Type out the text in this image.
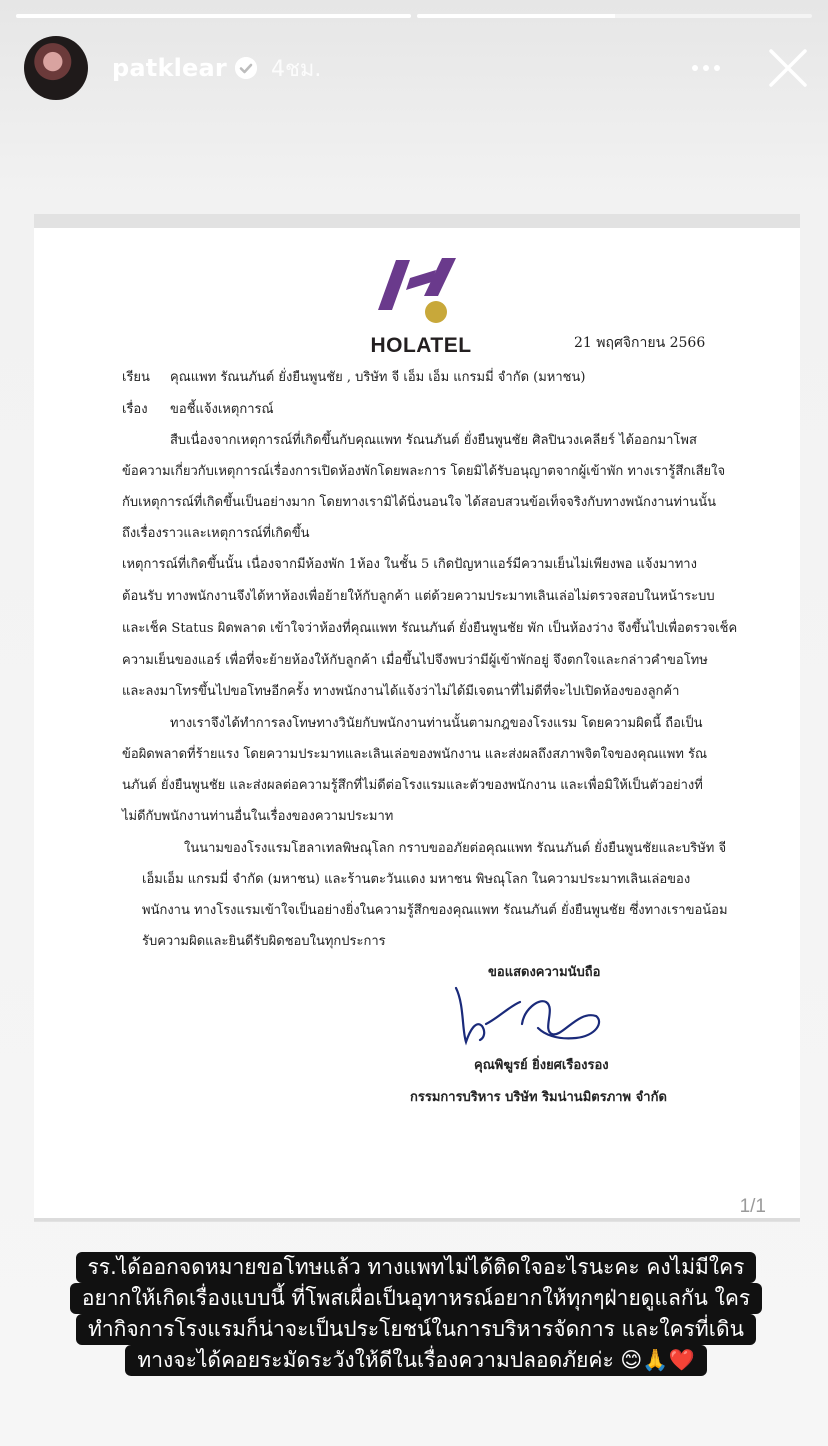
patklear 4ชม.
HOLATEL	21 พฤศจิกายน 2566
เรียน คุณแพท รัณนภันต์ ยั่งยืนพูนชัย , บริษัท จี เอ็ม เอ็ม แกรมมี่ จำกัด (มหาชน)
เรื่อง ขอชี้แจ้งเหตุการณ์
สืบเนื่องจากเหตุการณ์ที่เกิดขึ้นกับคุณแพท รัณนภันต์ ยั่งยืนพูนชัย ศิลปินวงเคลียร์ ได้ออกมาโพส
ข้อความเกี่ยวกับเหตุการณ์เรื่องการเปิดห้องพักโดยพละการ โดยมิได้รับอนุญาตจากผู้เข้าพัก ทางเรารู้สึกเสียใจ
กับเหตุการณ์ที่เกิดขึ้นเป็นอย่างมาก โดยทางเรามิได้นิ่งนอนใจ ได้สอบสวนข้อเท็จจริงกับทางพนักงานท่านนั้น
ถึงเรื่องราวและเหตุการณ์ที่เกิดขึ้น
เหตุการณ์ที่เกิดขึ้นนั้น เนื่องจากมีห้องพัก 1ห้อง ในชั้น 5 เกิดปัญหาแอร์มีความเย็นไม่เพียงพอ แจ้งมาทาง
ต้อนรับ ทางพนักงานจึงได้หาห้องเพื่อย้ายให้กับลูกค้า แต่ด้วยความประมาทเลินเล่อไม่ตรวจสอบในหน้าระบบ
และเช็ค Status ผิดพลาด เข้าใจว่าห้องที่คุณแพท รัณนภันต์ ยั่งยืนพูนชัย พัก เป็นห้องว่าง จึงขึ้นไปเพื่อตรวจเช็ค
ความเย็นของแอร์ เพื่อที่จะย้ายห้องให้กับลูกค้า เมื่อขึ้นไปจึงพบว่ามีผู้เข้าพักอยู่ จึงตกใจและกล่าวคำขอโทษ
และลงมาโทรขึ้นไปขอโทษอีกครั้ง ทางพนักงานได้แจ้งว่าไม่ได้มีเจตนาที่ไม่ดีที่จะไปเปิดห้องของลูกค้า
ทางเราจึงได้ทำการลงโทษทางวินัยกับพนักงานท่านนั้นตามกฎของโรงแรม โดยความผิดนี้ ถือเป็น
ข้อผิดพลาดที่ร้ายแรง โดยความประมาทและเลินเล่อของพนักงาน และส่งผลถึงสภาพจิตใจของคุณแพท รัณ
นภันต์ ยั่งยืนพูนชัย และส่งผลต่อความรู้สึกที่ไม่ดีต่อโรงแรมและตัวของพนักงาน และเพื่อมิให้เป็นตัวอย่างที่
ไม่ดีกับพนักงานท่านอื่นในเรื่องของความประมาท
ในนามของโรงแรมโฮลาเทลพิษณุโลก กราบขออภัยต่อคุณแพท รัณนภันต์ ยั่งยืนพูนชัยและบริษัท จี
เอ็มเอ็ม แกรมมี่ จำกัด (มหาชน) และร้านตะวันแดง มหาชน พิษณุโลก ในความประมาทเลินเล่อของ
พนักงาน ทางโรงแรมเข้าใจเป็นอย่างยิ่งในความรู้สึกของคุณแพท รัณนภันต์ ยั่งยืนพูนชัย ซึ่งทางเราขอน้อม
รับความผิดและยินดีรับผิดชอบในทุกประการ
ขอแสดงความนับถือ
คุณพิฆูรย์ ยิ่งยศเรืองรอง
กรรมการบริหาร บริษัท ริมน่านมิตรภาพ จำกัด
1/1
รร.ได้ออกจดหมายขอโทษแล้ว ทางแพทไม่ได้ติดใจอะไรนะคะ คงไม่มีใคร
อยากให้เกิดเรื่องแบบนี้ ที่โพสเผื่อเป็นอุทาหรณ์อยากให้ทุกๆฝ่ายดูแลกัน ใคร
ทำกิจการโรงแรมก็น่าจะเป็นประโยชน์ในการบริหารจัดการ และใครที่เดิน
ทางจะได้คอยระมัดระวังให้ดีในเรื่องความปลอดภัยค่ะ 😊🙏❤️
